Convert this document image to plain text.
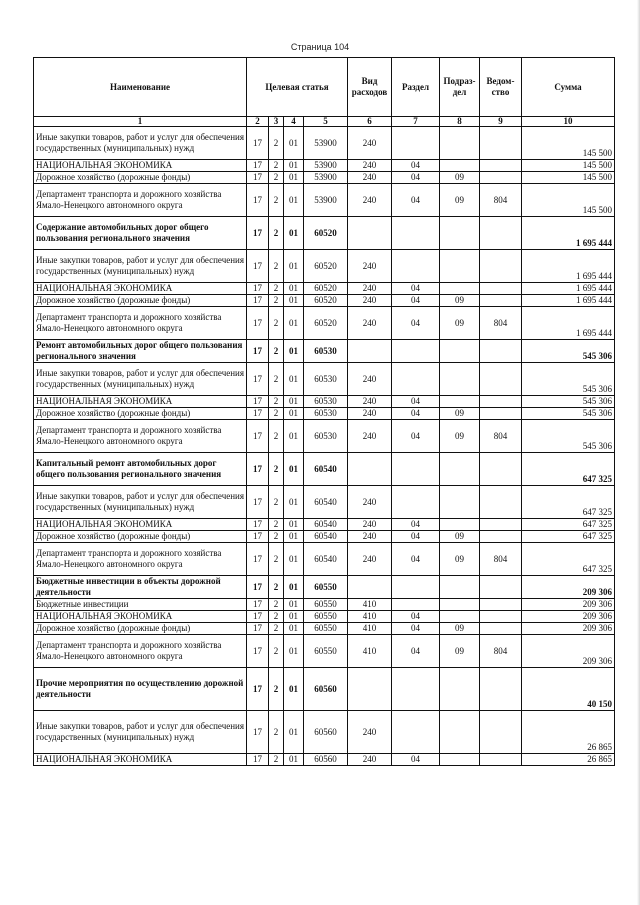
Страница 104
Наименование	Целевая статья				Вид расходов	Раздел	Подраз-дел	Ведом-ство	Сумма
1	2	3	4	5	6	7	8	9	10
Иные закупки товаров, работ и услуг для обеспечения государственных (муниципальных) нужд	17	2	01	53900	240				145 500
НАЦИОНАЛЬНАЯ ЭКОНОМИКА	17	2	01	53900	240	04			145 500
Дорожное хозяйство (дорожные фонды)	17	2	01	53900	240	04	09		145 500
Департамент транспорта и дорожного хозяйства Ямало-Ненецкого автономного округа	17	2	01	53900	240	04	09	804	145 500
Содержание автомобильных дорог общего пользования регионального значения	17	2	01	60520					1 695 444
Иные закупки товаров, работ и услуг для обеспечения государственных (муниципальных) нужд	17	2	01	60520	240				1 695 444
НАЦИОНАЛЬНАЯ ЭКОНОМИКА	17	2	01	60520	240	04			1 695 444
Дорожное хозяйство (дорожные фонды)	17	2	01	60520	240	04	09		1 695 444
Департамент транспорта и дорожного хозяйства Ямало-Ненецкого автономного округа	17	2	01	60520	240	04	09	804	1 695 444
Ремонт автомобильных дорог общего пользования регионального значения	17	2	01	60530					545 306
Иные закупки товаров, работ и услуг для обеспечения государственных (муниципальных) нужд	17	2	01	60530	240				545 306
НАЦИОНАЛЬНАЯ ЭКОНОМИКА	17	2	01	60530	240	04			545 306
Дорожное хозяйство (дорожные фонды)	17	2	01	60530	240	04	09		545 306
Департамент транспорта и дорожного хозяйства Ямало-Ненецкого автономного округа	17	2	01	60530	240	04	09	804	545 306
Капитальный ремонт автомобильных дорог общего пользования регионального значения	17	2	01	60540					647 325
Иные закупки товаров, работ и услуг для обеспечения государственных (муниципальных) нужд	17	2	01	60540	240				647 325
НАЦИОНАЛЬНАЯ ЭКОНОМИКА	17	2	01	60540	240	04			647 325
Дорожное хозяйство (дорожные фонды)	17	2	01	60540	240	04	09		647 325
Департамент транспорта и дорожного хозяйства Ямало-Ненецкого автономного округа	17	2	01	60540	240	04	09	804	647 325
Бюджетные инвестиции в объекты дорожной деятельности	17	2	01	60550					209 306
Бюджетные инвестиции	17	2	01	60550	410				209 306
НАЦИОНАЛЬНАЯ ЭКОНОМИКА	17	2	01	60550	410	04			209 306
Дорожное хозяйство (дорожные фонды)	17	2	01	60550	410	04	09		209 306
Департамент транспорта и дорожного хозяйства Ямало-Ненецкого автономного округа	17	2	01	60550	410	04	09	804	209 306
Прочие мероприятия по осуществлению дорожной деятельности	17	2	01	60560					40 150
Иные закупки товаров, работ и услуг для обеспечения государственных (муниципальных) нужд	17	2	01	60560	240				26 865
НАЦИОНАЛЬНАЯ ЭКОНОМИКА	17	2	01	60560	240	04			26 865
